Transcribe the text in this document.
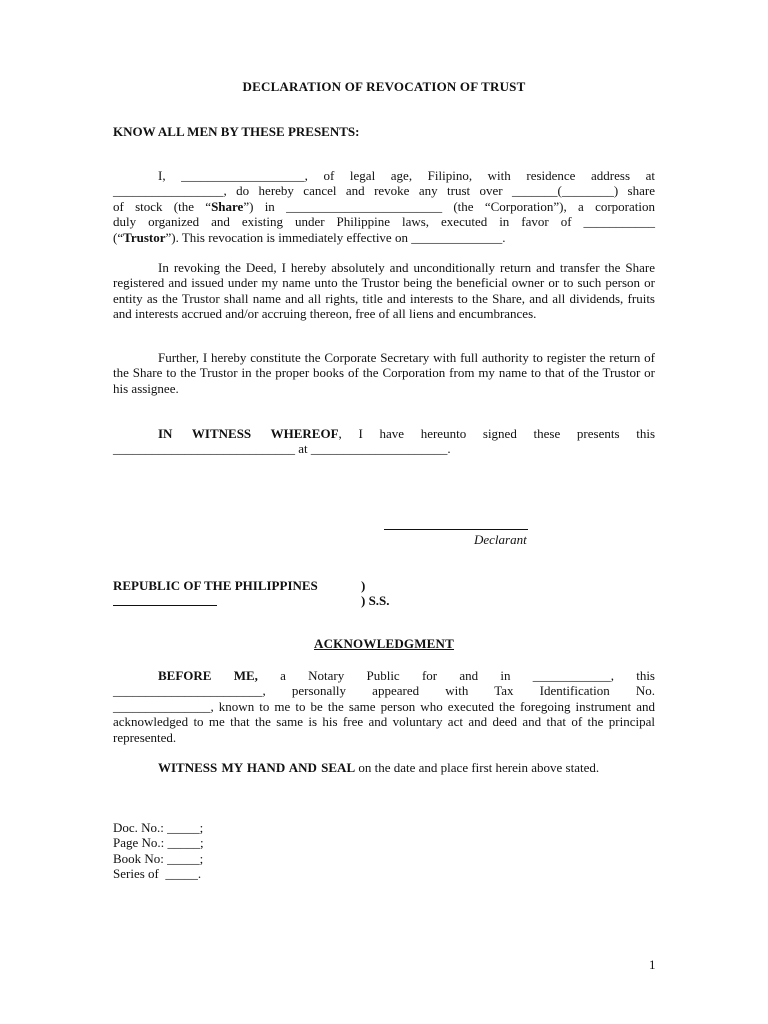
DECLARATION OF REVOCATION OF TRUST
KNOW ALL MEN BY THESE PRESENTS:
I, ___________________, of legal age, Filipino, with residence address at
_________________, do hereby cancel and revoke any trust over _______(________) share
of stock (the “Share”) in ________________________ (the “Corporation”), a corporation
duly organized and existing under Philippine laws, executed in favor of ___________
(“Trustor”). This revocation is immediately effective on ______________.

In revoking the Deed, I hereby absolutely and unconditionally return and transfer the Share registered and issued under my name unto the Trustor being the beneficial owner or to such person or entity as the Trustor shall name and all rights, title and interests to the Share, and all dividends, fruits and interests accrued and/or accruing thereon, free of all liens and encumbrances.

Further, I hereby constitute the Corporate Secretary with full authority to register the return of the Share to the Trustor in the proper books of the Corporation from my name to that of the Trustor or his assignee.

IN WITNESS WHEREOF, I have hereunto signed these presents this
____________________________ at _____________________.
Declarant
REPUBLIC OF THE PHILIPPINES	)
) S.S.
ACKNOWLEDGMENT
BEFORE ME, a Notary Public for and in ____________, this
_______________________, personally appeared with Tax Identification No.
_______________, known to me to be the same person who executed the foregoing instrument and acknowledged to me that the same is his free and voluntary act and deed and that of the principal represented.

WITNESS MY HAND AND SEAL on the date and place first herein above stated.

Doc. No.: _____;
Page No.: _____;
Book No: _____;
Series of  _____.
1
